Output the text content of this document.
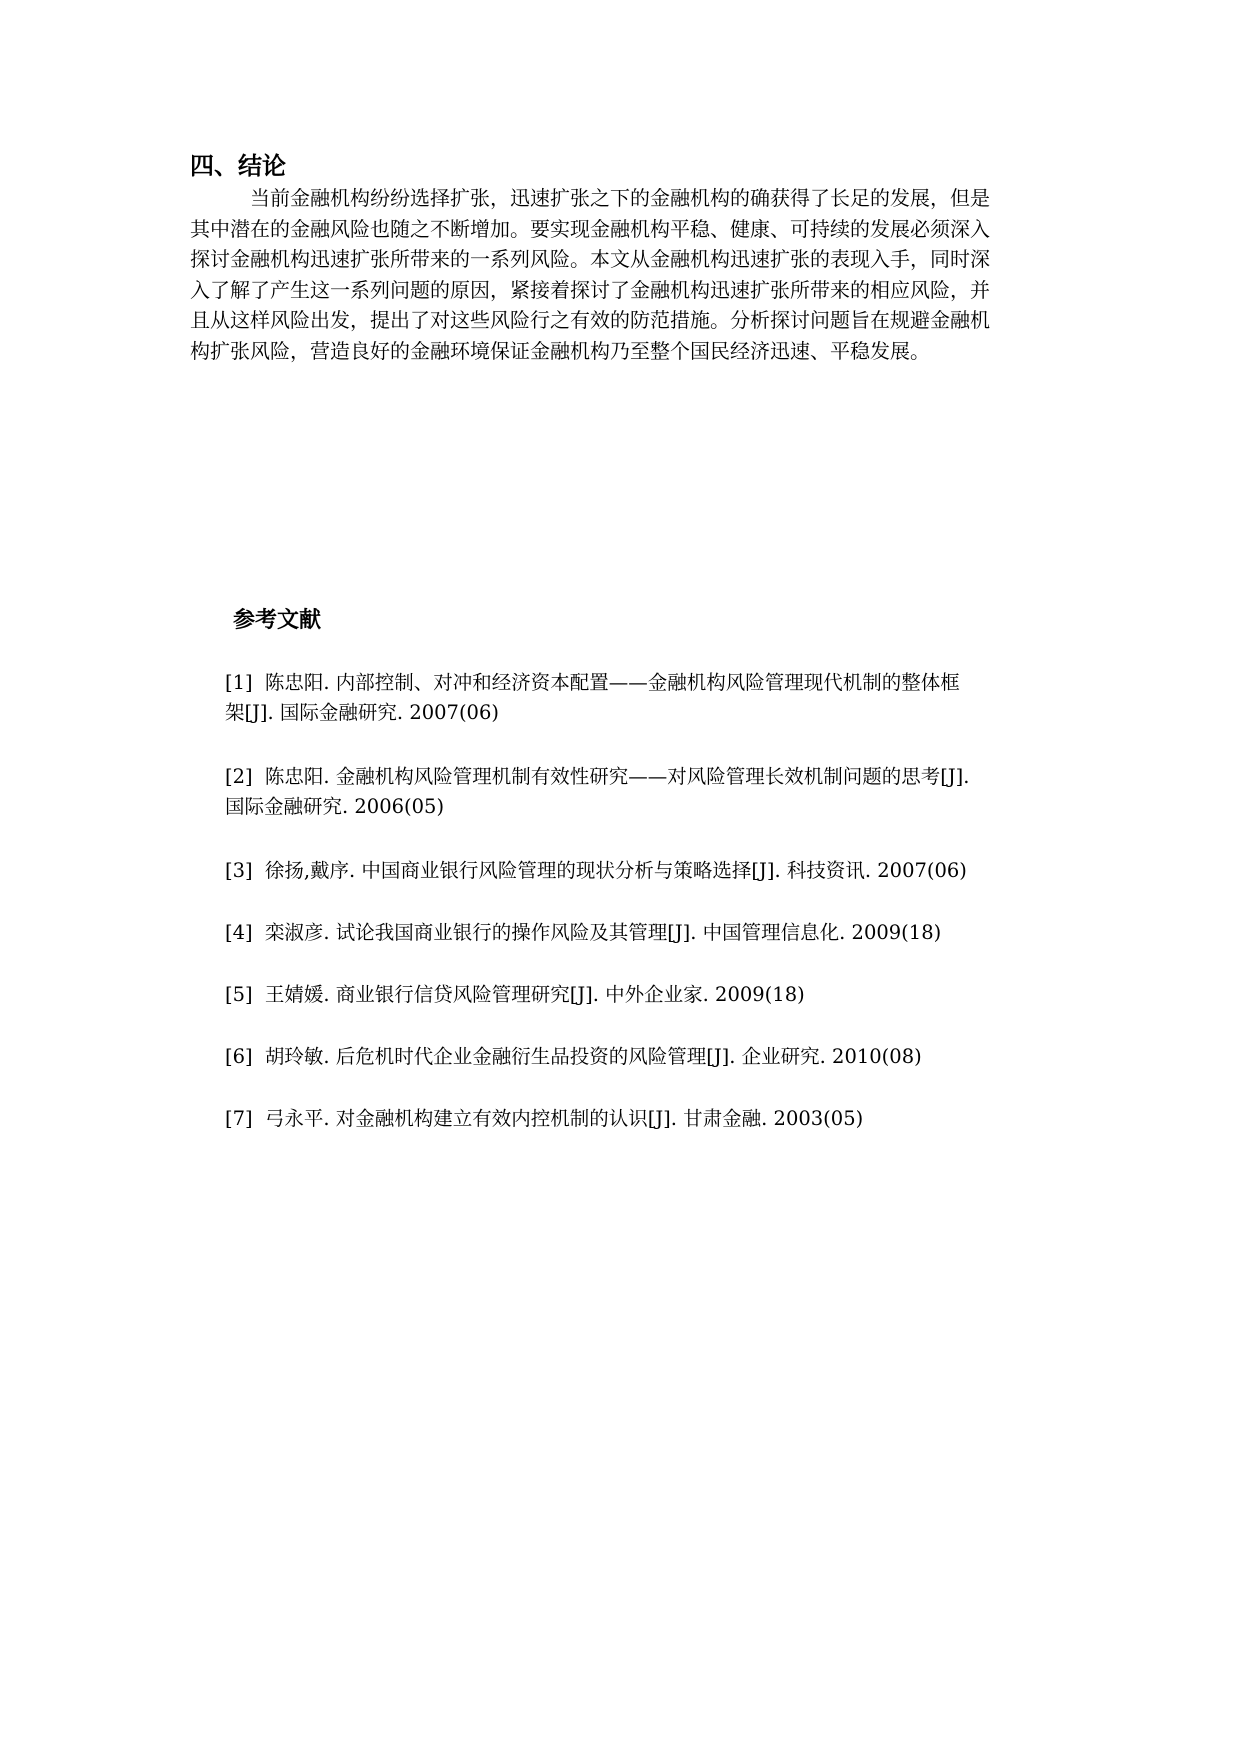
四、结论

当前金融机构纷纷选择扩张，迅速扩张之下的金融机构的确获得了长足的发展，但是
其中潜在的金融风险也随之不断增加。要实现金融机构平稳、健康、可持续的发展必须深入
探讨金融机构迅速扩张所带来的一系列风险。本文从金融机构迅速扩张的表现入手，同时深
入了解了产生这一系列问题的原因，紧接着探讨了金融机构迅速扩张所带来的相应风险，并
且从这样风险出发，提出了对这些风险行之有效的防范措施。分析探讨问题旨在规避金融机
构扩张风险，营造良好的金融环境保证金融机构乃至整个国民经济迅速、平稳发展。

参考文献
[1] 陈忠阳. 内部控制、对冲和经济资本配置——金融机构风险管理现代机制的整体框
架[J]. 国际金融研究. 2007(06)
[2] 陈忠阳. 金融机构风险管理机制有效性研究——对风险管理长效机制问题的思考[J].
国际金融研究. 2006(05)
[3] 徐扬,戴序. 中国商业银行风险管理的现状分析与策略选择[J]. 科技资讯. 2007(06)
[4] 栾淑彦. 试论我国商业银行的操作风险及其管理[J]. 中国管理信息化. 2009(18)
[5] 王婧媛. 商业银行信贷风险管理研究[J]. 中外企业家. 2009(18)
[6] 胡玲敏. 后危机时代企业金融衍生品投资的风险管理[J]. 企业研究. 2010(08)
[7] 弓永平. 对金融机构建立有效内控机制的认识[J]. 甘肃金融. 2003(05)
